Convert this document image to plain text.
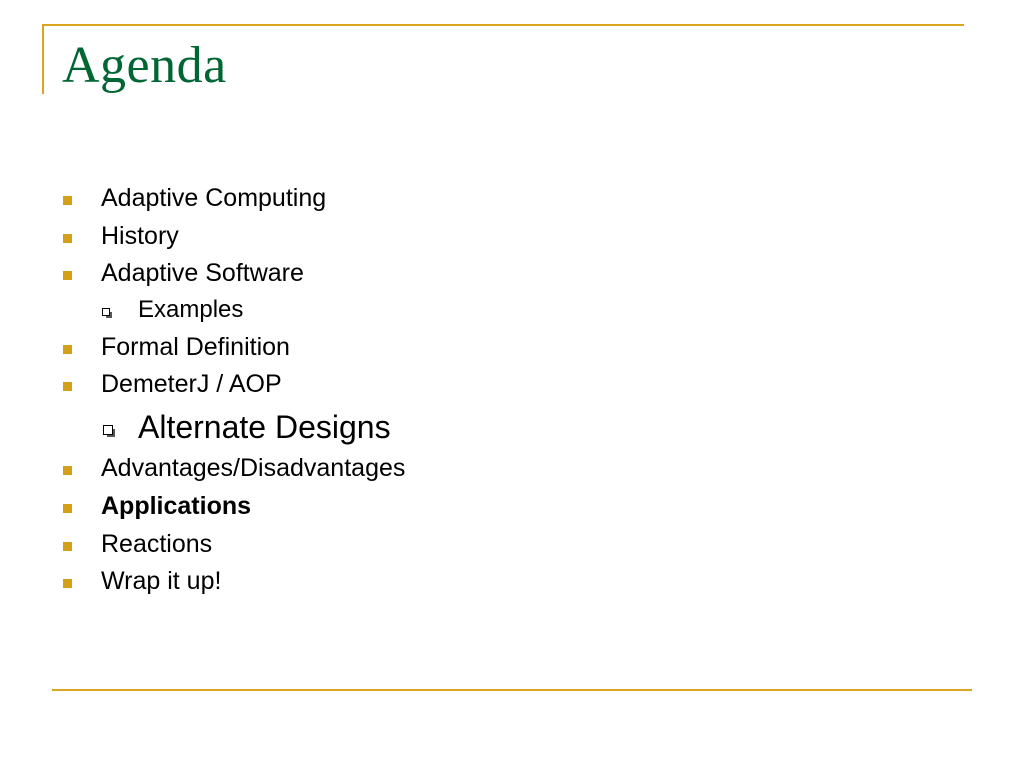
Agenda
Adaptive Computing
History
Adaptive Software
Examples
Formal Definition
DemeterJ / AOP
Alternate Designs
Advantages/Disadvantages
Applications
Reactions
Wrap it up!
